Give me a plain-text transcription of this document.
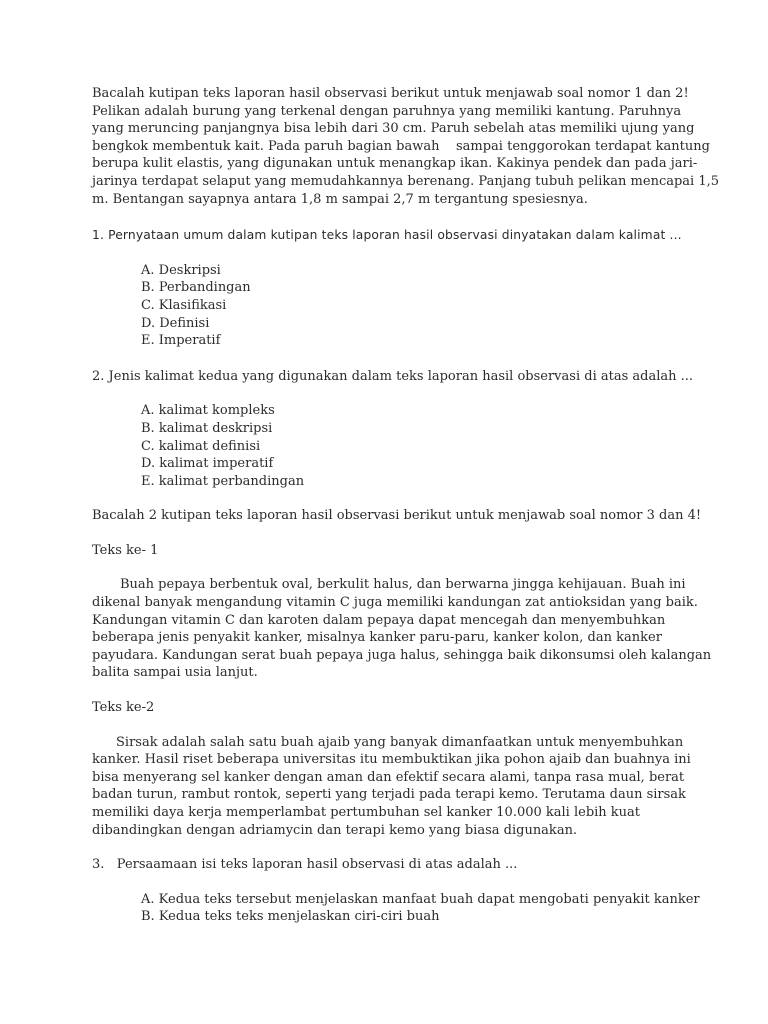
Bacalah kutipan teks laporan hasil observasi berikut untuk menjawab soal nomor 1 dan 2!
Pelikan adalah burung yang terkenal dengan paruhnya yang memiliki kantung. Paruhnya
yang meruncing panjangnya bisa lebih dari 30 cm. Paruh sebelah atas memiliki ujung yang
bengkok membentuk kait. Pada paruh bagian bawah    sampai tenggorokan terdapat kantung
berupa kulit elastis, yang digunakan untuk menangkap ikan. Kakinya pendek dan pada jari-
jarinya terdapat selaput yang memudahkannya berenang. Panjang tubuh pelikan mencapai 1,5
m. Bentangan sayapnya antara 1,8 m sampai 2,7 m tergantung spesiesnya.

1. Pernyataan umum dalam kutipan teks laporan hasil observasi dinyatakan dalam kalimat ...

A. Deskripsi
B. Perbandingan
C. Klasifikasi
D. Definisi
E. Imperatif

2. Jenis kalimat kedua yang digunakan dalam teks laporan hasil observasi di atas adalah ...

A. kalimat kompleks
B. kalimat deskripsi
C. kalimat definisi
D. kalimat imperatif
E. kalimat perbandingan

Bacalah 2 kutipan teks laporan hasil observasi berikut untuk menjawab soal nomor 3 dan 4!

Teks ke- 1

Buah pepaya berbentuk oval, berkulit halus, dan berwarna jingga kehijauan. Buah ini
dikenal banyak mengandung vitamin C juga memiliki kandungan zat antioksidan yang baik.
Kandungan vitamin C dan karoten dalam pepaya dapat mencegah dan menyembuhkan
beberapa jenis penyakit kanker, misalnya kanker paru-paru, kanker kolon, dan kanker
payudara. Kandungan serat buah pepaya juga halus, sehingga baik dikonsumsi oleh kalangan
balita sampai usia lanjut.

Teks ke-2

Sirsak adalah salah satu buah ajaib yang banyak dimanfaatkan untuk menyembuhkan
kanker. Hasil riset beberapa universitas itu membuktikan jika pohon ajaib dan buahnya ini
bisa menyerang sel kanker dengan aman dan efektif secara alami, tanpa rasa mual, berat
badan turun, rambut rontok, seperti yang terjadi pada terapi kemo. Terutama daun sirsak
memiliki daya kerja memperlambat pertumbuhan sel kanker 10.000 kali lebih kuat
dibandingkan dengan adriamycin dan terapi kemo yang biasa digunakan.

3.   Persaamaan isi teks laporan hasil observasi di atas adalah ...

A. Kedua teks tersebut menjelaskan manfaat buah dapat mengobati penyakit kanker
B. Kedua teks teks menjelaskan ciri-ciri buah
